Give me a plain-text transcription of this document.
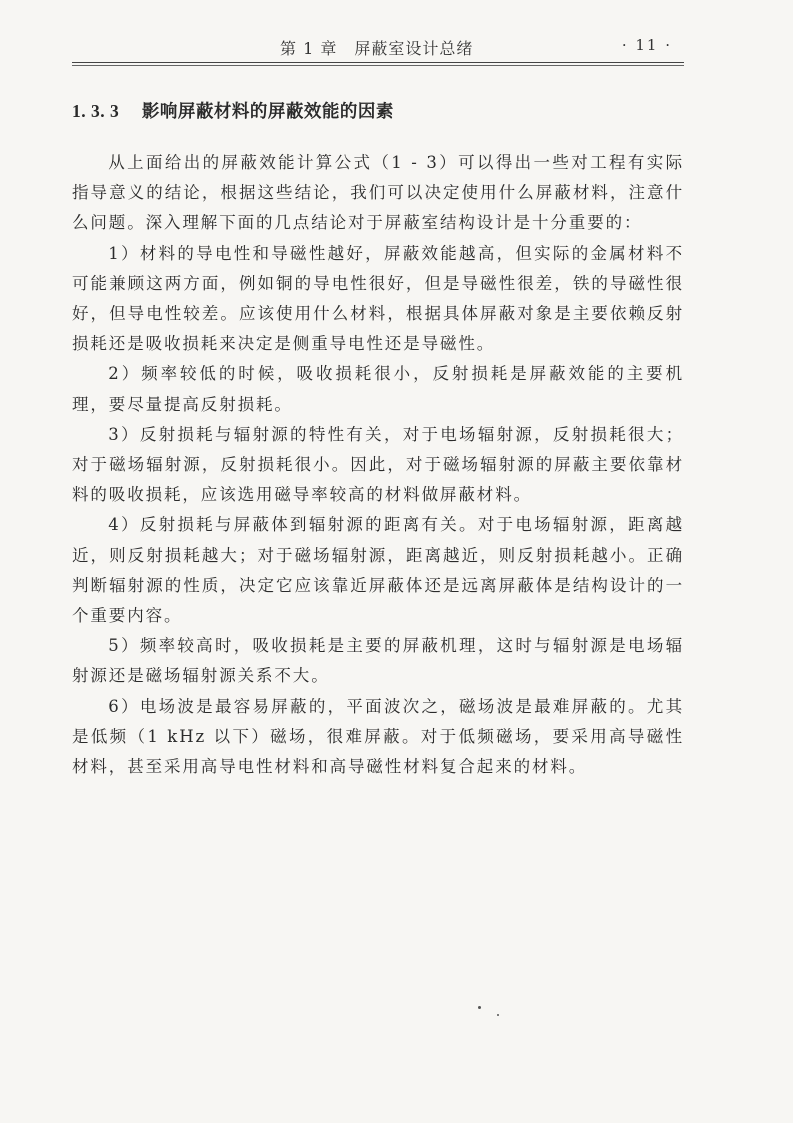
第 1 章　屏蔽室设计总绪	· 11 ·
1. 3. 3 影响屏蔽材料的屏蔽效能的因素

从上面给出的屏蔽效能计算公式（1 - 3）可以得出一些对工程有实际指导意义的结论，根据这些结论，我们可以决定使用什么屏蔽材料，注意什么问题。深入理解下面的几点结论对于屏蔽室结构设计是十分重要的：

1）材料的导电性和导磁性越好，屏蔽效能越高，但实际的金属材料不可能兼顾这两方面，例如铜的导电性很好，但是导磁性很差，铁的导磁性很好，但导电性较差。应该使用什么材料，根据具体屏蔽对象是主要依赖反射损耗还是吸收损耗来决定是侧重导电性还是导磁性。

2）频率较低的时候，吸收损耗很小，反射损耗是屏蔽效能的主要机理，要尽量提高反射损耗。

3）反射损耗与辐射源的特性有关，对于电场辐射源，反射损耗很大；对于磁场辐射源，反射损耗很小。因此，对于磁场辐射源的屏蔽主要依靠材料的吸收损耗，应该选用磁导率较高的材料做屏蔽材料。

4）反射损耗与屏蔽体到辐射源的距离有关。对于电场辐射源，距离越近，则反射损耗越大；对于磁场辐射源，距离越近，则反射损耗越小。正确判断辐射源的性质，决定它应该靠近屏蔽体还是远离屏蔽体是结构设计的一个重要内容。

5）频率较高时，吸收损耗是主要的屏蔽机理，这时与辐射源是电场辐射源还是磁场辐射源关系不大。

6）电场波是最容易屏蔽的，平面波次之，磁场波是最难屏蔽的。尤其是低频（1 kHz 以下）磁场，很难屏蔽。对于低频磁场，要采用高导磁性材料，甚至采用高导电性材料和高导磁性材料复合起来的材料。
